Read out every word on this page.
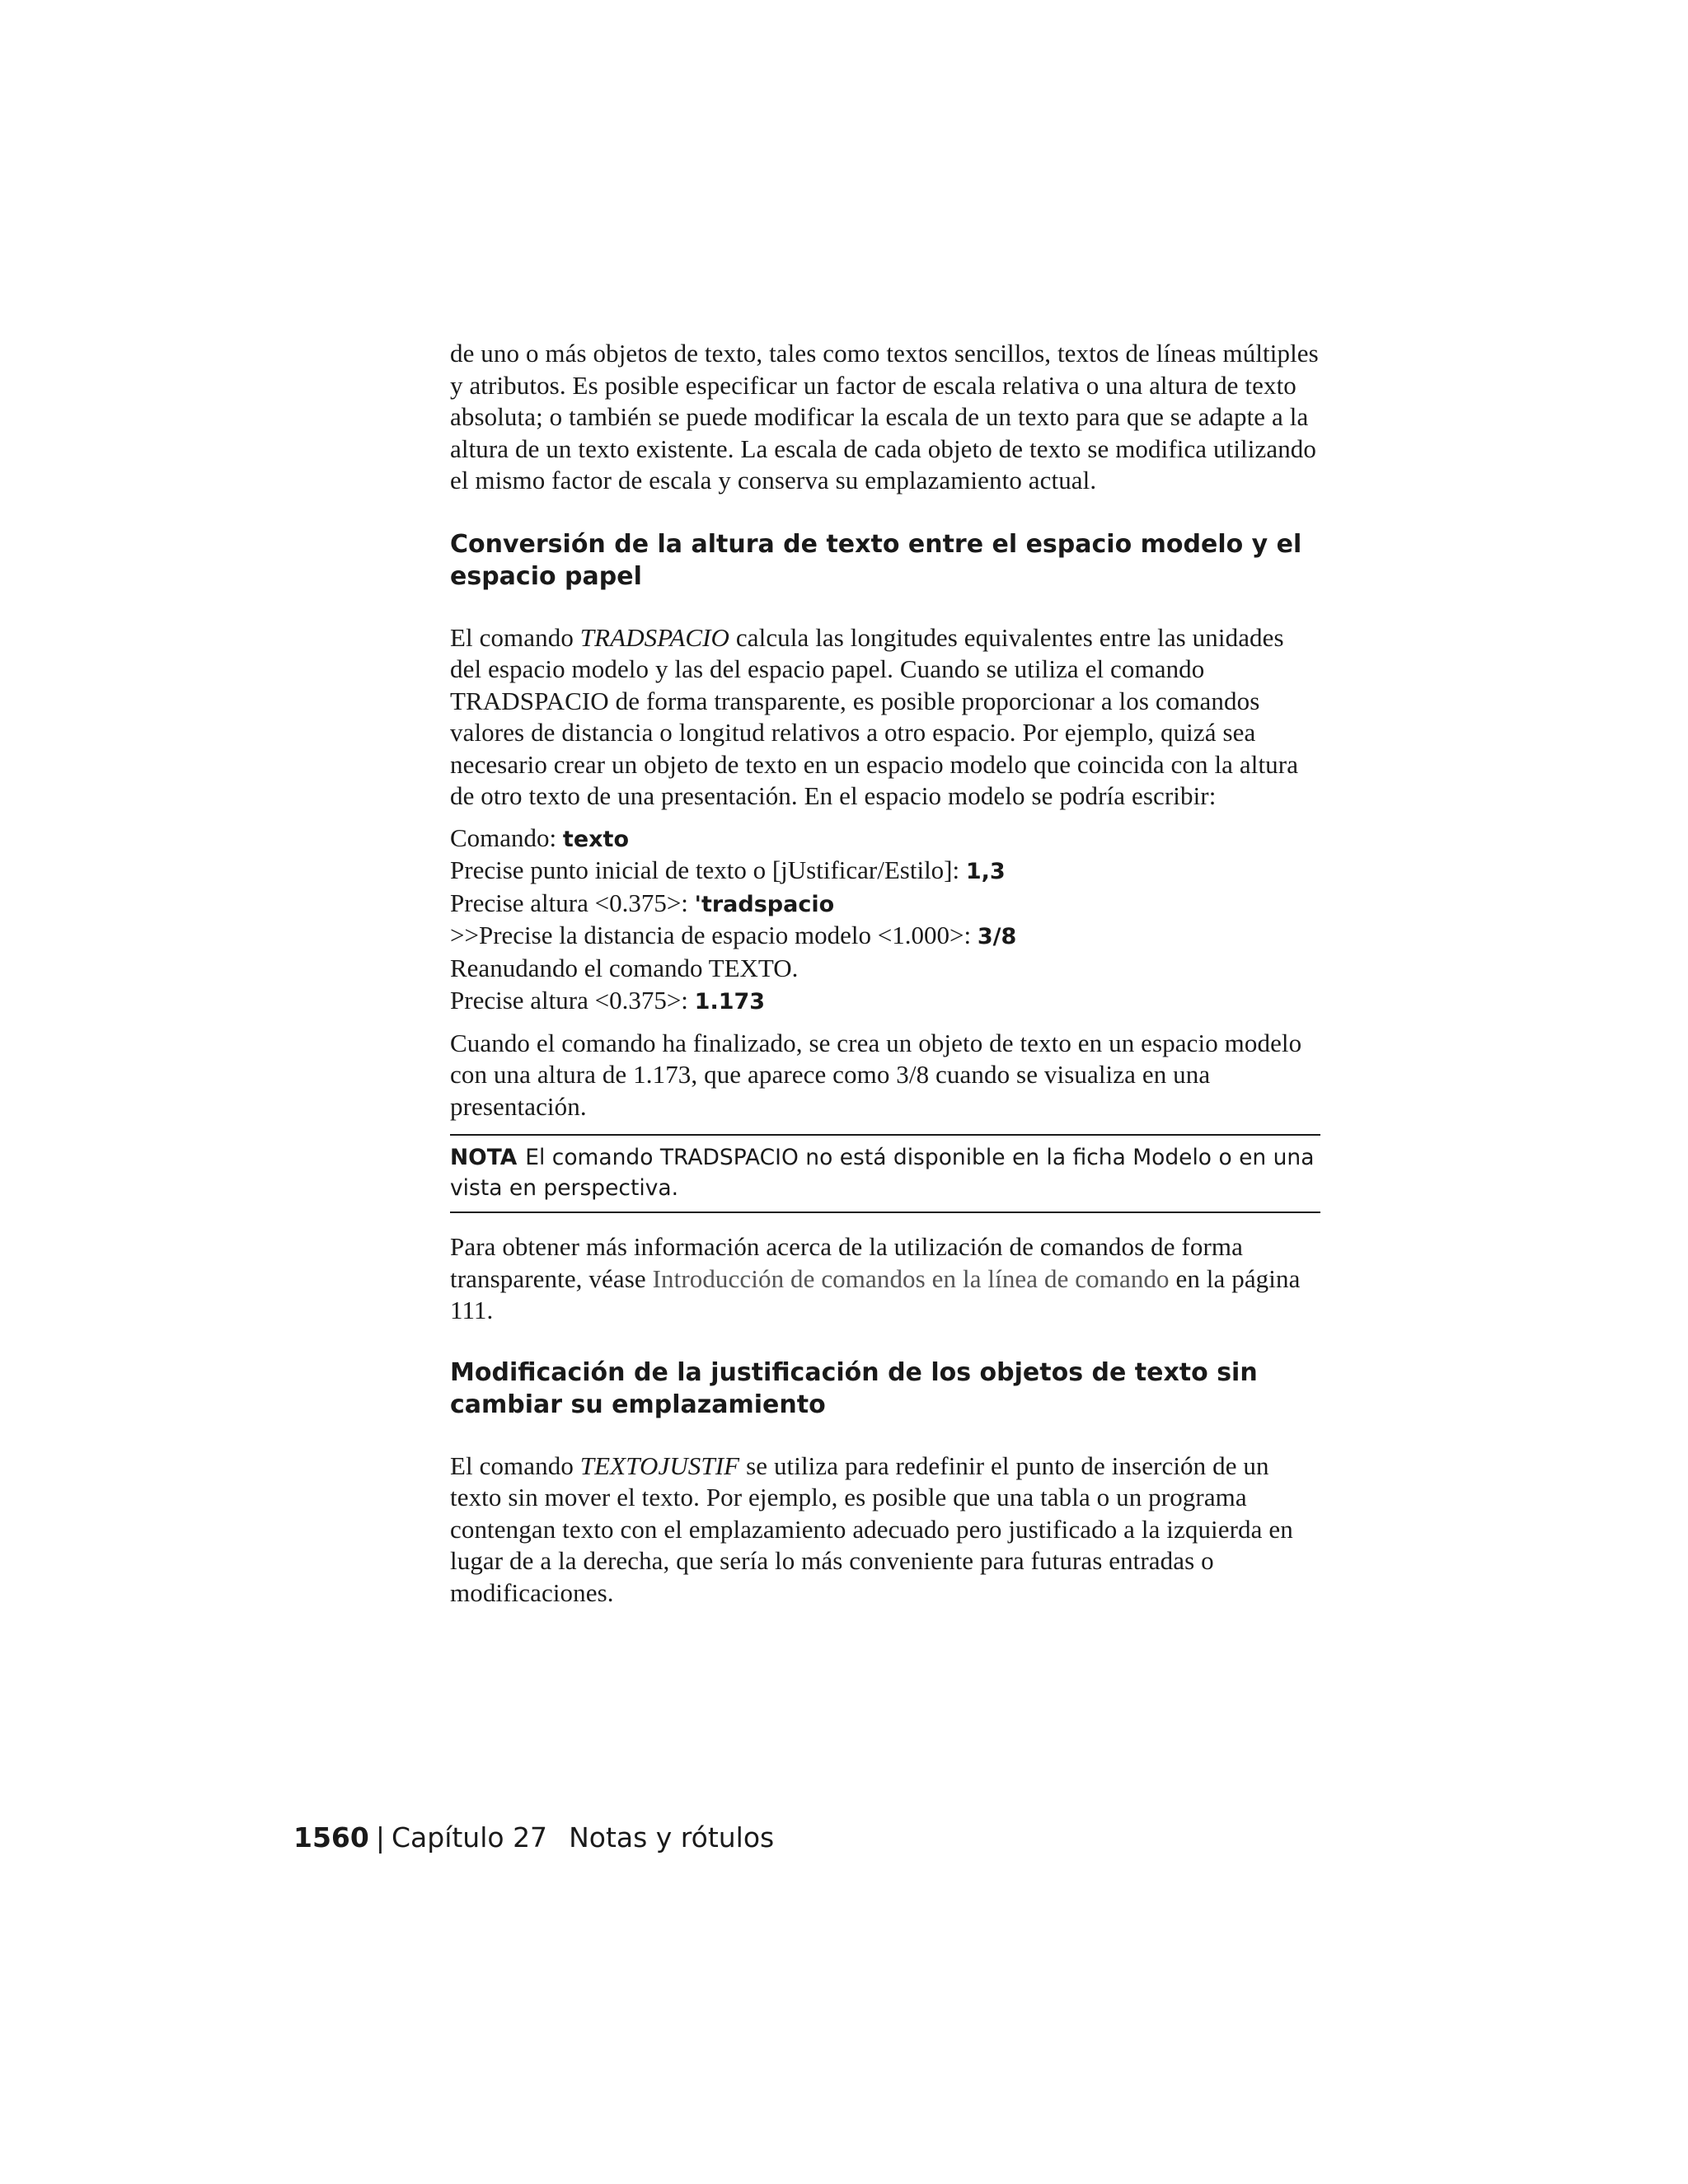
de uno o más objetos de texto, tales como textos sencillos, textos de líneas múltiples y atributos. Es posible especificar un factor de escala relativa o una altura de texto absoluta; o también se puede modificar la escala de un texto para que se adapte a la altura de un texto existente. La escala de cada objeto de texto se modifica utilizando el mismo factor de escala y conserva su emplazamiento actual.

Conversión de la altura de texto entre el espacio modelo y el espacio papel

El comando TRADSPACIO calcula las longitudes equivalentes entre las unidades del espacio modelo y las del espacio papel. Cuando se utiliza el comando TRADSPACIO de forma transparente, es posible proporcionar a los comandos valores de distancia o longitud relativos a otro espacio. Por ejemplo, quizá sea necesario crear un objeto de texto en un espacio modelo que coincida con la altura de otro texto de una presentación. En el espacio modelo se podría escribir:

Comando: texto

Precise punto inicial de texto o [jUstificar/Estilo]: 1,3

Precise altura <0.375>: 'tradspacio

>>Precise la distancia de espacio modelo <1.000>: 3/8

Reanudando el comando TEXTO.

Precise altura <0.375>: 1.173

Cuando el comando ha finalizado, se crea un objeto de texto en un espacio modelo con una altura de 1.173, que aparece como 3/8 cuando se visualiza en una presentación.

NOTA El comando TRADSPACIO no está disponible en la ficha Modelo o en una vista en perspectiva.

Para obtener más información acerca de la utilización de comandos de forma transparente, véase Introducción de comandos en la línea de comando en la página 111.

Modificación de la justificación de los objetos de texto sin cambiar su emplazamiento

El comando TEXTOJUSTIF se utiliza para redefinir el punto de inserción de un texto sin mover el texto. Por ejemplo, es posible que una tabla o un programa contengan texto con el emplazamiento adecuado pero justificado a la izquierda en lugar de a la derecha, que sería lo más conveniente para futuras entradas o modificaciones.

1560 | Capítulo 27 Notas y rótulos
